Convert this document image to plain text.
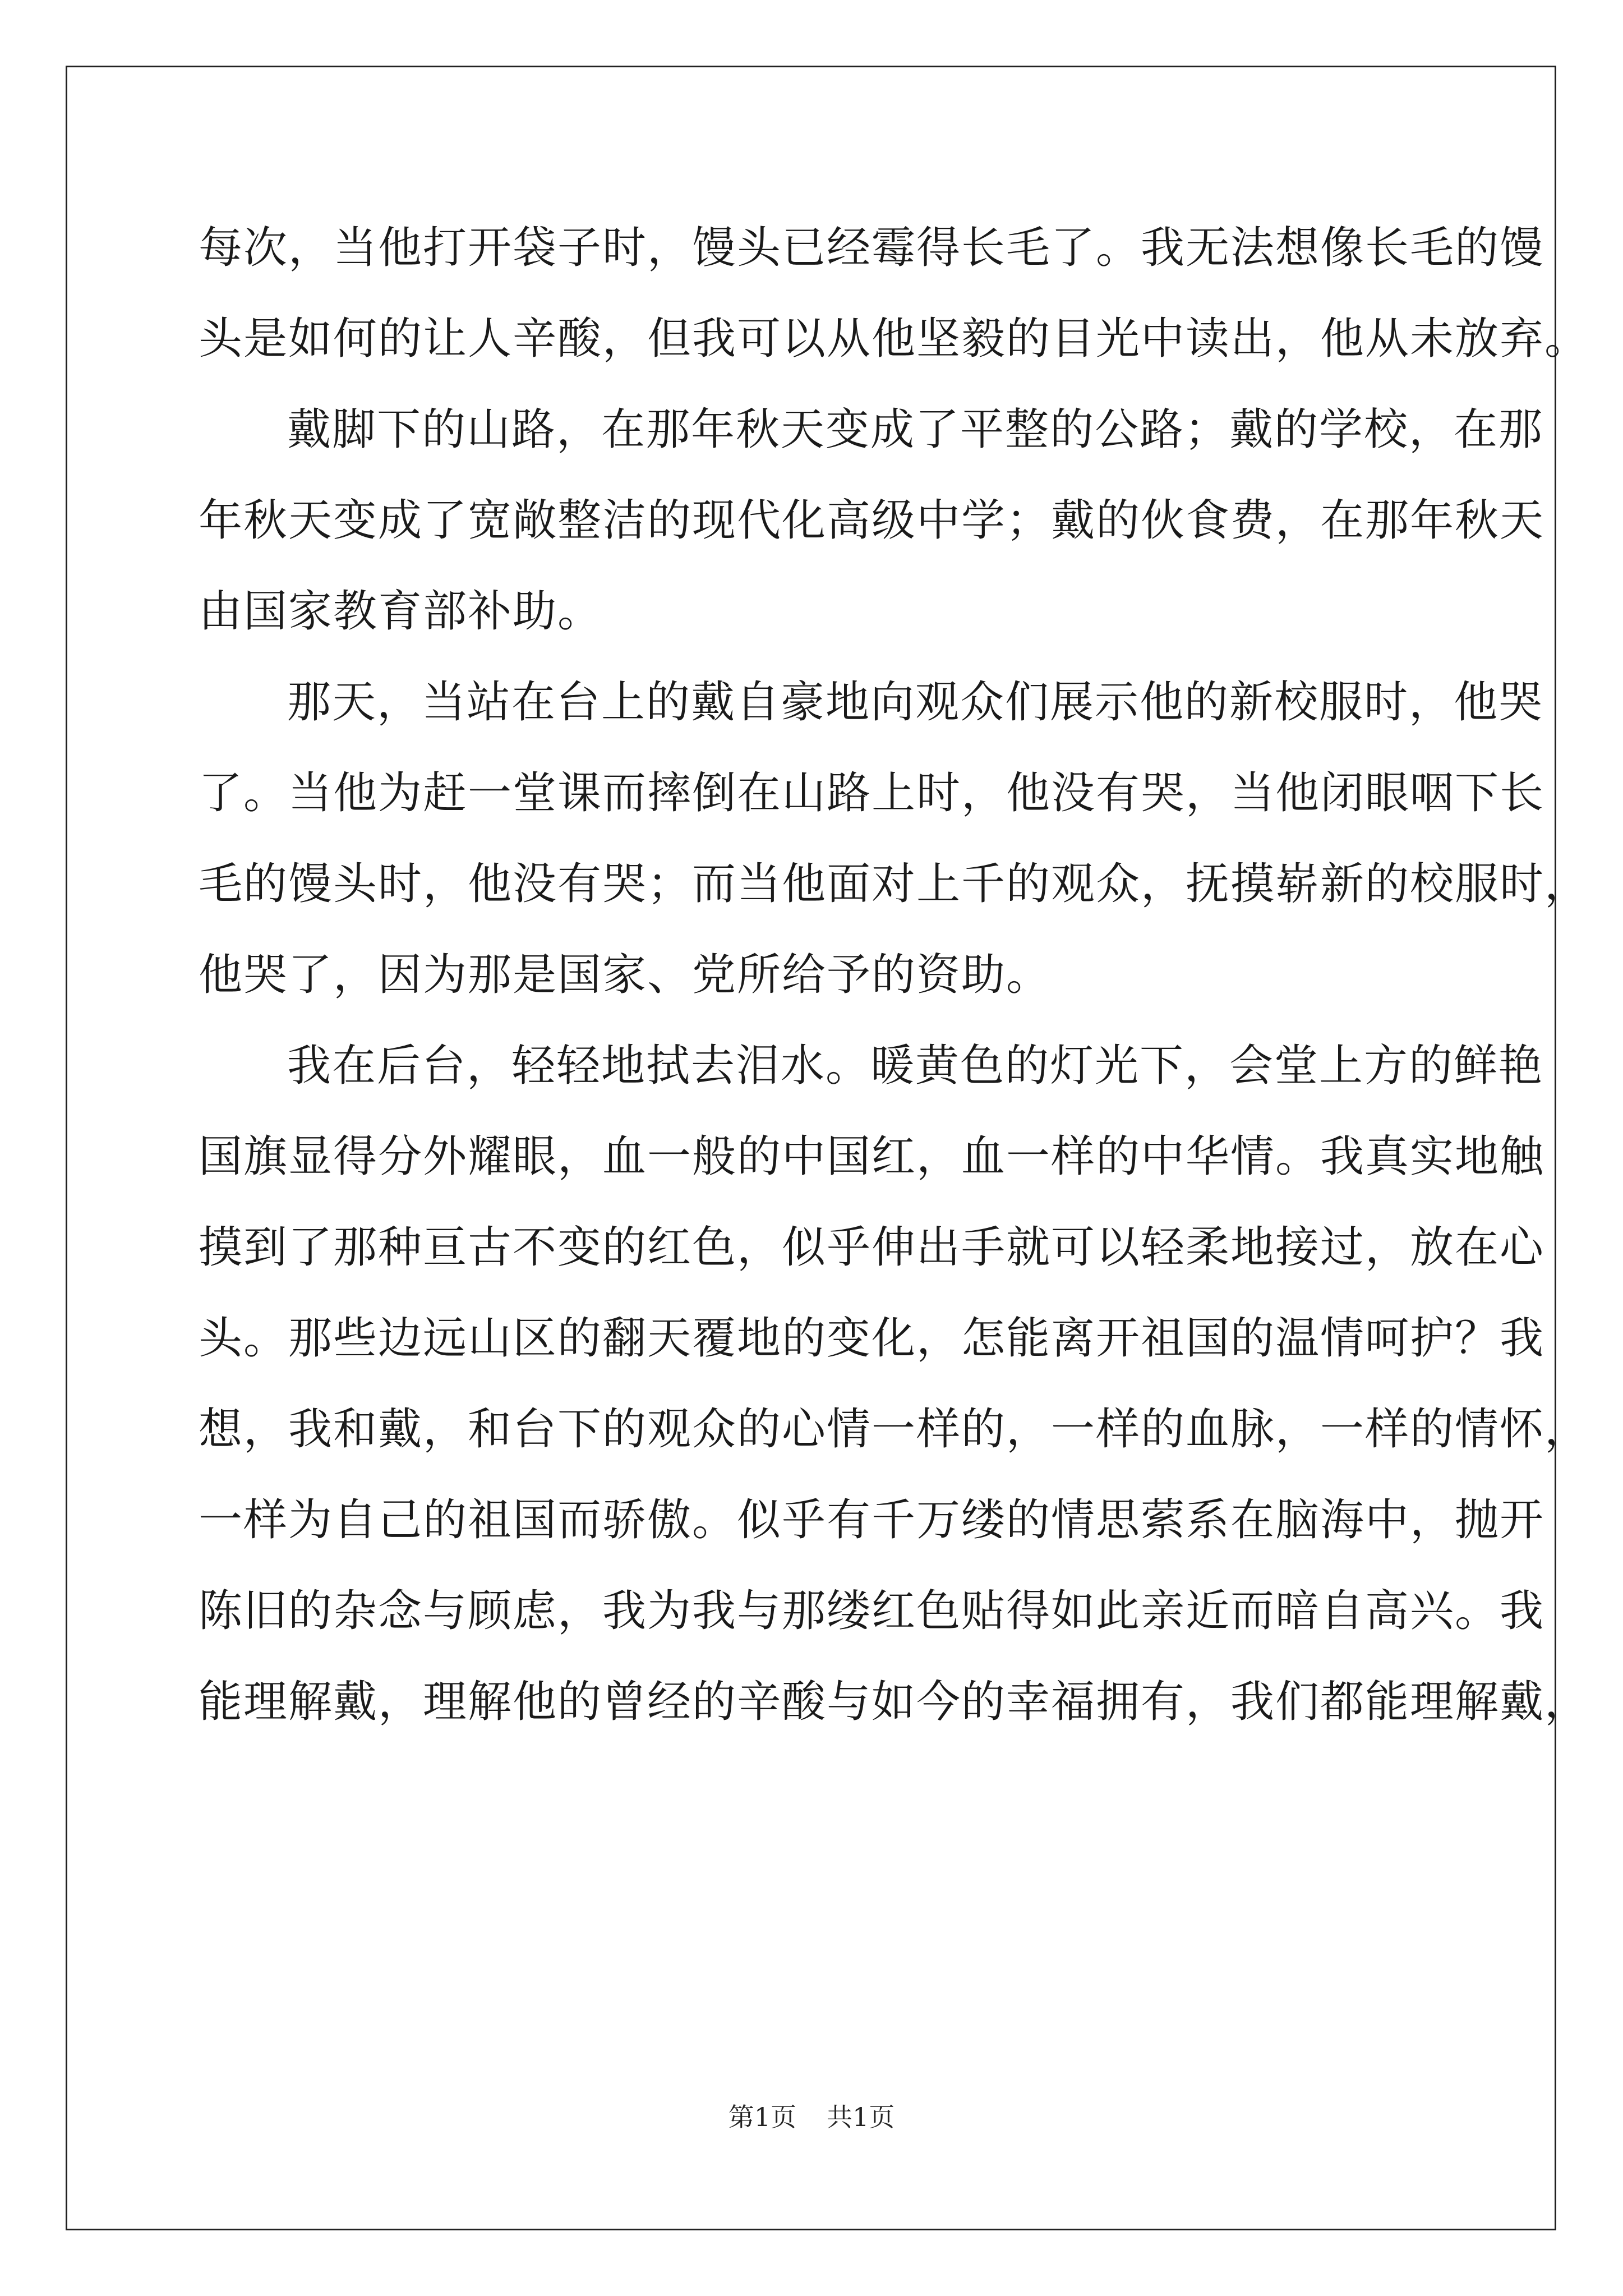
每次，当他打开袋子时，馒头已经霉得长毛了。我无法想像长毛的馒
头是如何的让人辛酸，但我可以从他坚毅的目光中读出，他从未放弃。
戴脚下的山路，在那年秋天变成了平整的公路；戴的学校，在那
年秋天变成了宽敞整洁的现代化高级中学；戴的伙食费，在那年秋天
由国家教育部补助。
那天，当站在台上的戴自豪地向观众们展示他的新校服时，他哭
了。当他为赶一堂课而摔倒在山路上时，他没有哭，当他闭眼咽下长
毛的馒头时，他没有哭；而当他面对上千的观众，抚摸崭新的校服时，
他哭了，因为那是国家、党所给予的资助。
我在后台，轻轻地拭去泪水。暖黄色的灯光下，会堂上方的鲜艳
国旗显得分外耀眼，血一般的中国红，血一样的中华情。我真实地触
摸到了那种亘古不变的红色，似乎伸出手就可以轻柔地接过，放在心
头。那些边远山区的翻天覆地的变化，怎能离开祖国的温情呵护？我
想，我和戴，和台下的观众的心情一样的，一样的血脉，一样的情怀，
一样为自己的祖国而骄傲。似乎有千万缕的情思萦系在脑海中，抛开
陈旧的杂念与顾虑，我为我与那缕红色贴得如此亲近而暗自高兴。我
能理解戴，理解他的曾经的辛酸与如今的幸福拥有，我们都能理解戴，
第1页 共1页
